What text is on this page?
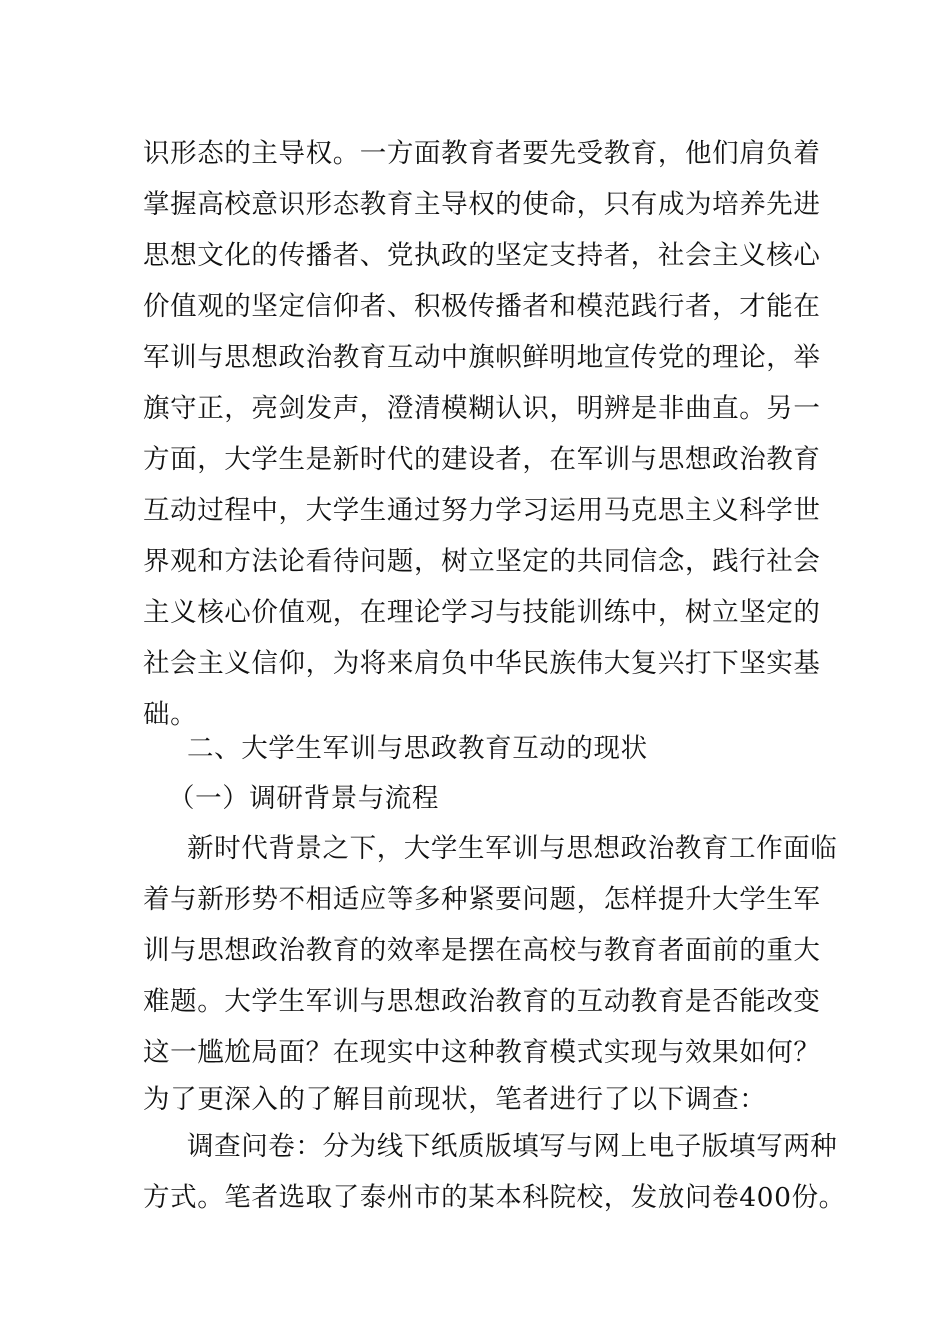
识形态的主导权。一方面教育者要先受教育，他们肩负着
掌握高校意识形态教育主导权的使命，只有成为培养先进
思想文化的传播者、党执政的坚定支持者，社会主义核心
价值观的坚定信仰者、积极传播者和模范践行者，才能在
军训与思想政治教育互动中旗帜鲜明地宣传党的理论，举
旗守正，亮剑发声，澄清模糊认识，明辨是非曲直。另一
方面，大学生是新时代的建设者，在军训与思想政治教育
互动过程中，大学生通过努力学习运用马克思主义科学世
界观和方法论看待问题，树立坚定的共同信念，践行社会
主义核心价值观，在理论学习与技能训练中，树立坚定的
社会主义信仰，为将来肩负中华民族伟大复兴打下坚实基
础。
二、大学生军训与思政教育互动的现状
（一）调研背景与流程
新时代背景之下，大学生军训与思想政治教育工作面临
着与新形势不相适应等多种紧要问题，怎样提升大学生军
训与思想政治教育的效率是摆在高校与教育者面前的重大
难题。大学生军训与思想政治教育的互动教育是否能改变
这一尴尬局面？在现实中这种教育模式实现与效果如何？
为了更深入的了解目前现状，笔者进行了以下调查：
调查问卷：分为线下纸质版填写与网上电子版填写两种
方式。笔者选取了泰州市的某本科院校，发放问卷400份。
